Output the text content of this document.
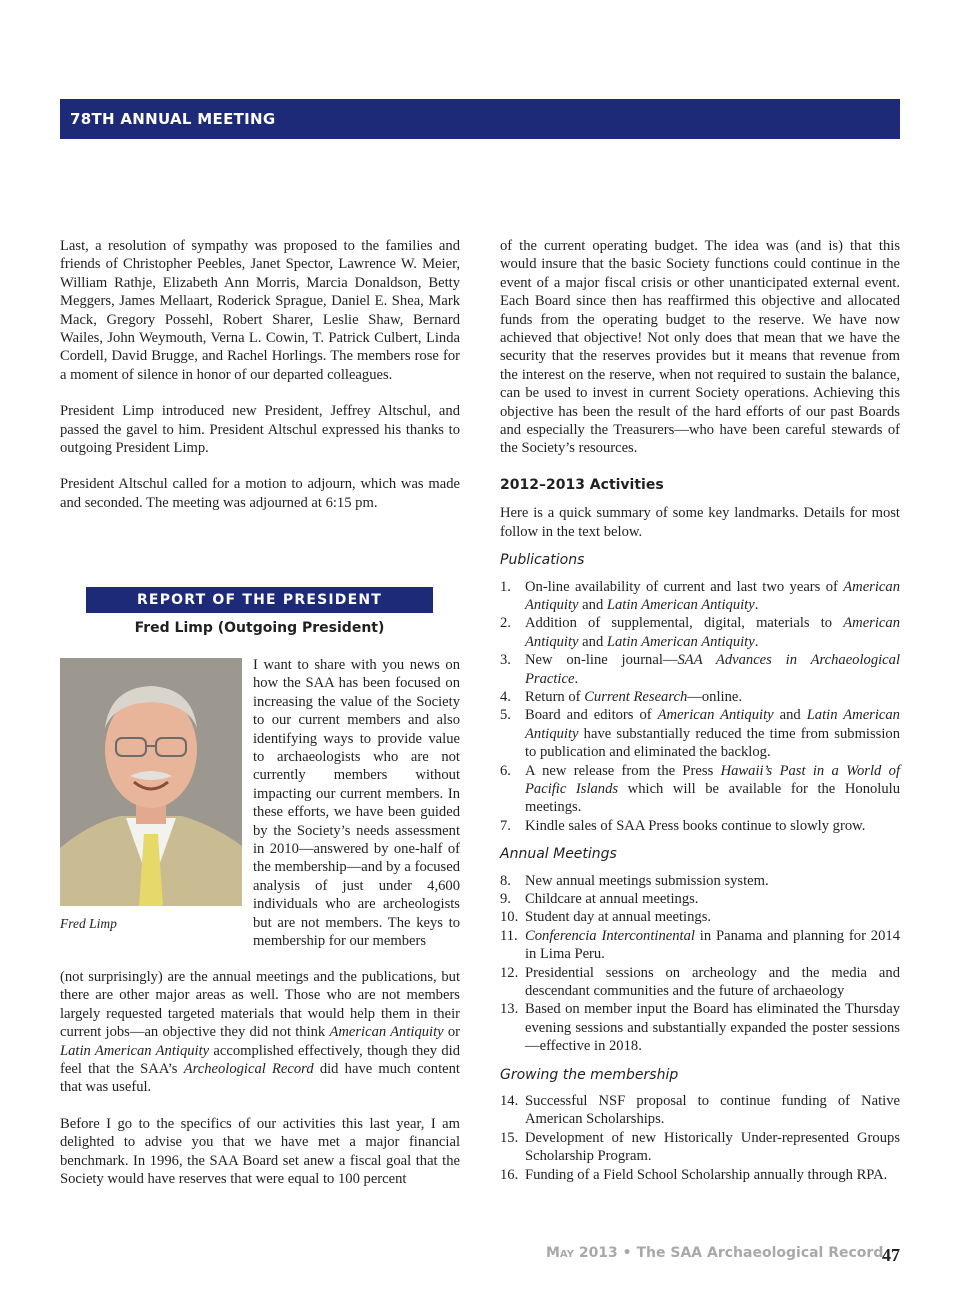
78TH ANNUAL MEETING

Last, a resolution of sympathy was proposed to the families and friends of Christopher Peebles, Janet Spector, Lawrence W. Meier, William Rathje, Elizabeth Ann Morris, Marcia Donaldson, Betty Meggers, James Mellaart, Roderick Sprague, Daniel E. Shea, Mark Mack, Gregory Possehl, Robert Sharer, Leslie Shaw, Bernard Wailes, John Weymouth, Verna L. Cowin, T. Patrick Culbert, Linda Cordell, David Brugge, and Rachel Horlings. The members rose for a moment of silence in honor of our departed colleagues.

President Limp introduced new President, Jeffrey Altschul, and passed the gavel to him. President Altschul expressed his thanks to outgoing President Limp.

President Altschul called for a motion to adjourn, which was made and seconded. The meeting was adjourned at 6:15 pm.

REPORT OF THE PRESIDENT
Fred Limp (Outgoing President)
Fred Limp
I want to share with you news on how the SAA has been focused on increasing the value of the Society to our current members and also identifying ways to provide value to archaeologists who are not currently members without impacting our current members. In these efforts, we have been guided by the Society’s needs assessment in 2010—answered by one-half of the membership—and by a focused analysis of just under 4,600 individuals who are archeologists but are not members. The keys to membership for our members

(not surprisingly) are the annual meetings and the publications, but there are other major areas as well. Those who are not members largely requested targeted materials that would help them in their current jobs—an objective they did not think American Antiquity or Latin American Antiquity accomplished effectively, though they did feel that the SAA’s Archeological Record did have much content that was useful.

Before I go to the specifics of our activities this last year, I am delighted to advise you that we have met a major financial benchmark. In 1996, the SAA Board set anew a fiscal goal that the Society would have reserves that were equal to 100 percent

of the current operating budget. The idea was (and is) that this would insure that the basic Society functions could continue in the event of a major fiscal crisis or other unanticipated external event. Each Board since then has reaffirmed this objective and allocated funds from the operating budget to the reserve. We have now achieved that objective! Not only does that mean that we have the security that the reserves provides but it means that revenue from the interest on the reserve, when not required to sustain the balance, can be used to invest in current Society operations. Achieving this objective has been the result of the hard efforts of our past Boards and especially the Treasurers—who have been careful stewards of the Society’s resources.

2012–2013 Activities

Here is a quick summary of some key landmarks. Details for most follow in the text below.

Publications
1. On-line availability of current and last two years of American Antiquity and Latin American Antiquity.
2. Addition of supplemental, digital, materials to American Antiquity and Latin American Antiquity.
3. New on-line journal—SAA Advances in Archaeological Practice.
4. Return of Current Research—online.
5. Board and editors of American Antiquity and Latin American Antiquity have substantially reduced the time from submission to publication and eliminated the backlog.
6. A new release from the Press Hawaii’s Past in a World of Pacific Islands which will be available for the Honolulu meetings.
7. Kindle sales of SAA Press books continue to slowly grow.
Annual Meetings
8. New annual meetings submission system.
9. Childcare at annual meetings.
10. Student day at annual meetings.
11. Conferencia Intercontinental in Panama and planning for 2014 in Lima Peru.
12. Presidential sessions on archeology and the media and descendant communities and the future of archaeology
13. Based on member input the Board has eliminated the Thursday evening sessions and substantially expanded the poster sessions—effective in 2018.
Growing the membership
14. Successful NSF proposal to continue funding of Native American Scholarships.
15. Development of new Historically Under-represented Groups Scholarship Program.
16. Funding of a Field School Scholarship annually through RPA.
May 2013 • The SAA Archaeological Record
47
